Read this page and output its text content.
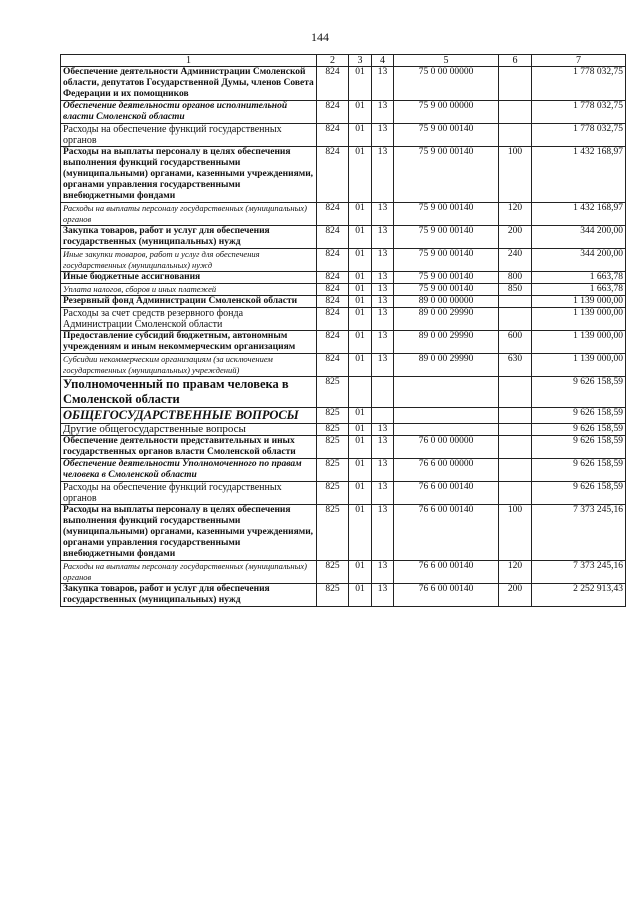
144
1	2	3	4	5	6	7
Обеспечение деятельности Администрации Смоленской области, депутатов Государственной Думы, членов Совета Федерации и их помощников	824	01	13	75 0 00 00000		1 778 032,75
Обеспечение деятельности органов исполнительной власти Смоленской области	824	01	13	75 9 00 00000		1 778 032,75
Расходы на обеспечение функций государственных органов	824	01	13	75 9 00 00140		1 778 032,75
Расходы на выплаты персоналу в целях обеспечения выполнения функций государственными (муниципальными) органами, казенными учреждениями, органами управления государственными внебюджетными фондами	824	01	13	75 9 00 00140	100	1 432 168,97
Расходы на выплаты персоналу государственных (муниципальных) органов	824	01	13	75 9 00 00140	120	1 432 168,97
Закупка товаров, работ и услуг для обеспечения государственных (муниципальных) нужд	824	01	13	75 9 00 00140	200	344 200,00
Иные закупки товаров, работ и услуг для обеспечения государственных (муниципальных) нужд	824	01	13	75 9 00 00140	240	344 200,00
Иные бюджетные ассигнования	824	01	13	75 9 00 00140	800	1 663,78
Уплата налогов, сборов и иных платежей	824	01	13	75 9 00 00140	850	1 663,78
Резервный фонд Администрации Смоленской области	824	01	13	89 0 00 00000		1 139 000,00
Расходы за счет средств резервного фонда Администрации Смоленской области	824	01	13	89 0 00 29990		1 139 000,00
Предоставление субсидий бюджетным, автономным учреждениям и иным некоммерческим организациям	824	01	13	89 0 00 29990	600	1 139 000,00
Субсидии некоммерческим организациям (за исключением государственных (муниципальных) учреждений)	824	01	13	89 0 00 29990	630	1 139 000,00
Уполномоченный по правам человека в Смоленской области	825					9 626 158,59
ОБЩЕГОСУДАРСТВЕННЫЕ ВОПРОСЫ	825	01				9 626 158,59
Другие общегосударственные вопросы	825	01	13			9 626 158,59
Обеспечение деятельности представительных и иных государственных органов власти Смоленской области	825	01	13	76 0 00 00000		9 626 158,59
Обеспечение деятельности Уполномоченного по правам человека в Смоленской области	825	01	13	76 6 00 00000		9 626 158,59
Расходы на обеспечение функций государственных органов	825	01	13	76 6 00 00140		9 626 158,59
Расходы на выплаты персоналу в целях обеспечения выполнения функций государственными (муниципальными) органами, казенными учреждениями, органами управления государственными внебюджетными фондами	825	01	13	76 6 00 00140	100	7 373 245,16
Расходы на выплаты персоналу государственных (муниципальных) органов	825	01	13	76 6 00 00140	120	7 373 245,16
Закупка товаров, работ и услуг для обеспечения государственных (муниципальных) нужд	825	01	13	76 6 00 00140	200	2 252 913,43
